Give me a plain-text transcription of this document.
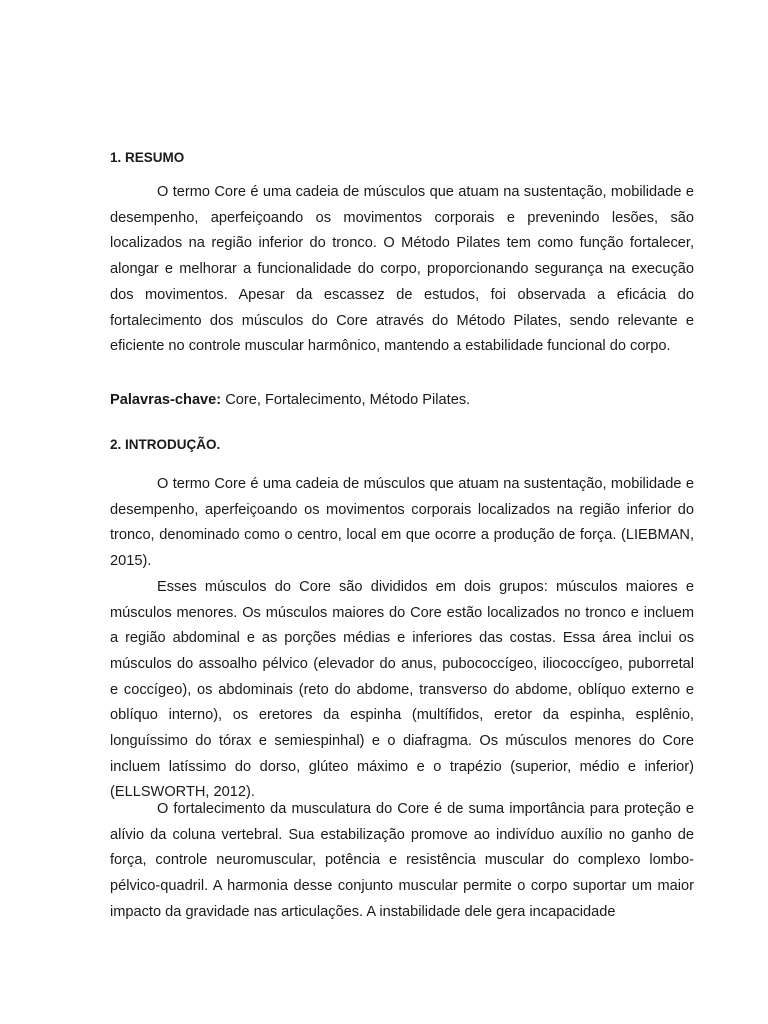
1. RESUMO

O termo Core é uma cadeia de músculos que atuam na sustentação, mobilidade e desempenho, aperfeiçoando os movimentos corporais e prevenindo lesões, são localizados na região inferior do tronco. O Método Pilates tem como função fortalecer, alongar e melhorar a funcionalidade do corpo, proporcionando segurança na execução dos movimentos. Apesar da escassez de estudos, foi observada a eficácia do fortalecimento dos músculos do Core através do Método Pilates, sendo relevante e eficiente no controle muscular harmônico, mantendo a estabilidade funcional do corpo.

Palavras-chave: Core, Fortalecimento, Método Pilates.

2. INTRODUÇÃO.

O termo Core é uma cadeia de músculos que atuam na sustentação, mobilidade e desempenho, aperfeiçoando os movimentos corporais localizados na região inferior do tronco, denominado como o centro, local em que ocorre a produção de força. (LIEBMAN, 2015).

Esses músculos do Core são divididos em dois grupos: músculos maiores e músculos menores. Os músculos maiores do Core estão localizados no tronco e incluem a região abdominal e as porções médias e inferiores das costas. Essa área inclui os músculos do assoalho pélvico (elevador do anus, pubococcígeo, iliococcígeo, puborretal e coccígeo), os abdominais (reto do abdome, transverso do abdome, oblíquo externo e oblíquo interno), os eretores da espinha (multífidos, eretor da espinha, esplênio, longuíssimo do tórax e semiespinhal) e o diafragma. Os músculos menores do Core incluem latíssimo do dorso, glúteo máximo e o trapézio (superior, médio e inferior) (ELLSWORTH, 2012).

O fortalecimento da musculatura do Core é de suma importância para proteção e alívio da coluna vertebral. Sua estabilização promove ao indivíduo auxílio no ganho de força, controle neuromuscular, potência e resistência muscular do complexo lombo-pélvico-quadril. A harmonia desse conjunto muscular permite o corpo suportar um maior impacto da gravidade nas articulações. A instabilidade dele gera incapacidade
